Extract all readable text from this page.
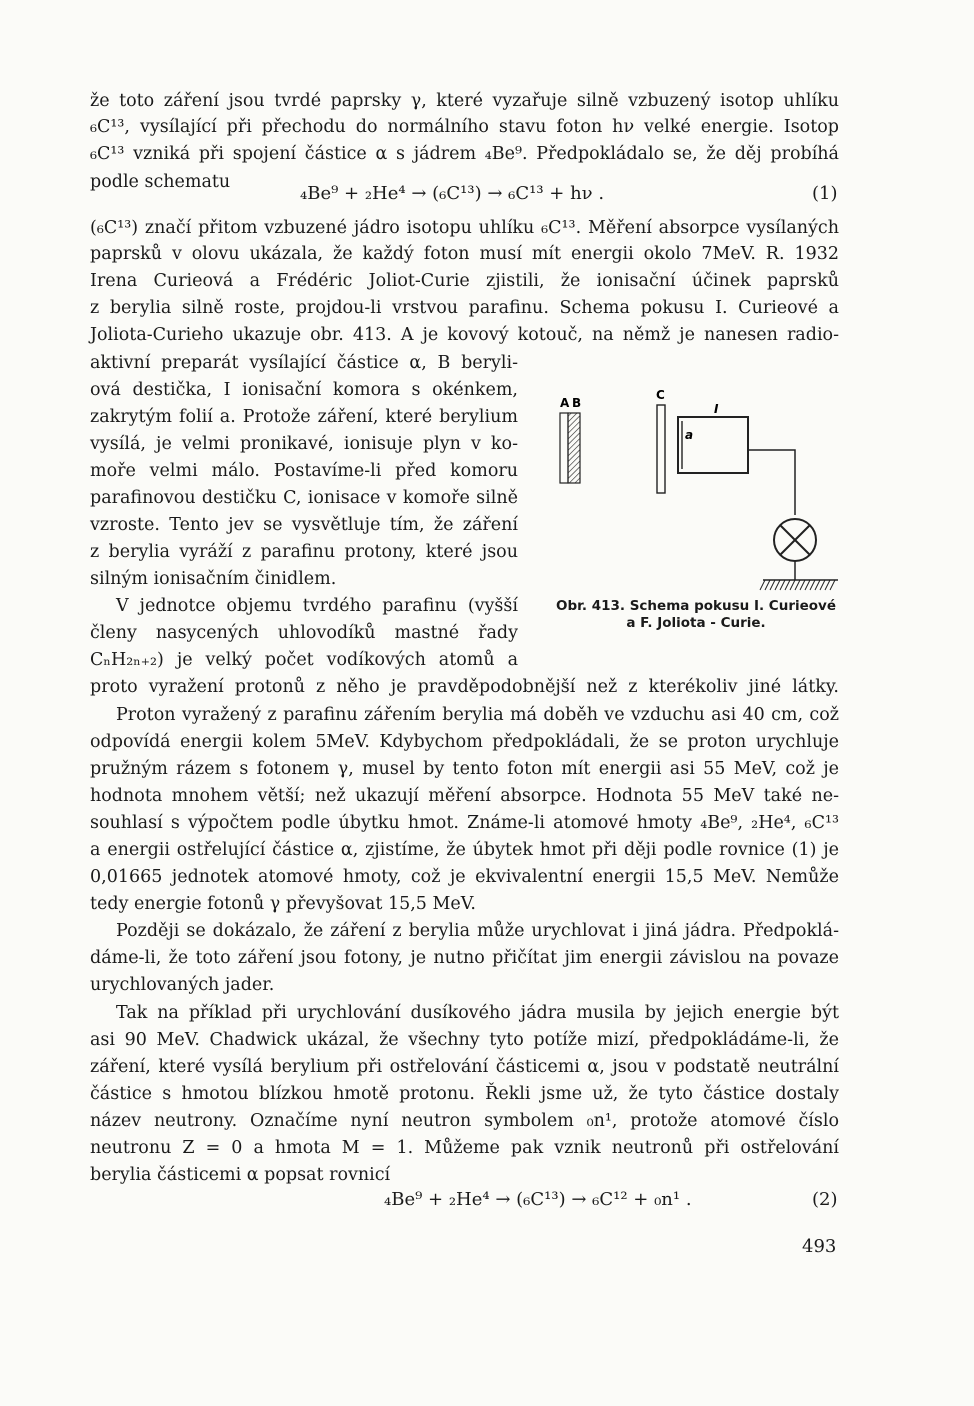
že toto záření jsou tvrdé paprsky γ, které vyzařuje silně vzbuzený isotop uhlíku
₆C¹³, vysílající při přechodu do normálního stavu foton hν velké energie. Isotop
₆C¹³ vzniká při spojení částice α s jádrem ₄Be⁹. Předpokládalo se, že děj probíhá
podle schematu
₄Be⁹ + ₂He⁴ → (₆C¹³) → ₆C¹³ + hν .	(1)
(₆C¹³) značí přitom vzbuzené jádro isotopu uhlíku ₆C¹³. Měření absorpce vysílaných
paprsků v olovu ukázala, že každý foton musí mít energii okolo 7MeV. R. 1932
Irena Curieová a Frédéric Joliot-Curie zjistili, že ionisační účinek paprsků
z berylia silně roste, projdou-li vrstvou parafinu. Schema pokusu I. Curieové a
Joliota-Curieho ukazuje obr. 413. A je kovový kotouč, na němž je nanesen radio-
aktivní preparát vysílající částice α, B beryli-
ová destička, I ionisační komora s okénkem,
zakrytým folií a. Protože záření, které berylium
vysílá, je velmi pronikavé, ionisuje plyn v ko-
moře velmi málo. Postavíme-li před komoru
parafinovou destičku C, ionisace v komoře silně
vzroste. Tento jev se vysvětluje tím, že záření
z berylia vyráží z parafinu protony, které jsou
silným ionisačním činidlem.
V jednotce objemu tvrdého parafinu (vyšší
členy nasycených uhlovodíků mastné řady
CₙH₂ₙ₊₂) je velký počet vodíkových atomů a
proto vyražení protonů z něho je pravděpodobnější než z kterékoliv jiné látky.
Proton vyražený z parafinu zářením berylia má doběh ve vzduchu asi 40 cm, což
odpovídá energii kolem 5MeV. Kdybychom předpokládali, že se proton urychluje
pružným rázem s fotonem γ, musel by tento foton mít energii asi 55 MeV, což je
hodnota mnohem větší; než ukazují měření absorpce. Hodnota 55 MeV také ne-
souhlasí s výpočtem podle úbytku hmot. Známe-li atomové hmoty ₄Be⁹, ₂He⁴, ₆C¹³
a energii ostřelující částice α, zjistíme, že úbytek hmot při ději podle rovnice (1) je
0,01665 jednotek atomové hmoty, což je ekvivalentní energii 15,5 MeV. Nemůže
tedy energie fotonů γ převyšovat 15,5 MeV.
Později se dokázalo, že záření z berylia může urychlovat i jiná jádra. Předpoklá-
dáme-li, že toto záření jsou fotony, je nutno přičítat jim energii závislou na povaze
urychlovaných jader.
Tak na příklad při urychlování dusíkového jádra musila by jejich energie být
asi 90 MeV. Chadwick ukázal, že všechny tyto potíže mizí, předpokládáme-li, že
záření, které vysílá berylium při ostřelování částicemi α, jsou v podstatě neutrální
částice s hmotou blízkou hmotě protonu. Řekli jsme už, že tyto částice dostaly
název neutrony. Označíme nyní neutron symbolem ₀n¹, protože atomové číslo
neutronu Z = 0 a hmota M = 1. Můžeme pak vznik neutronů při ostřelování
berylia částicemi α popsat rovnicí
₄Be⁹ + ₂He⁴ → (₆C¹³) → ₆C¹² + ₀n¹ .	(2)
A B
C
I
a
Obr. 413. Schema pokusu I. Curieové
a F. Joliota - Curie.
493
